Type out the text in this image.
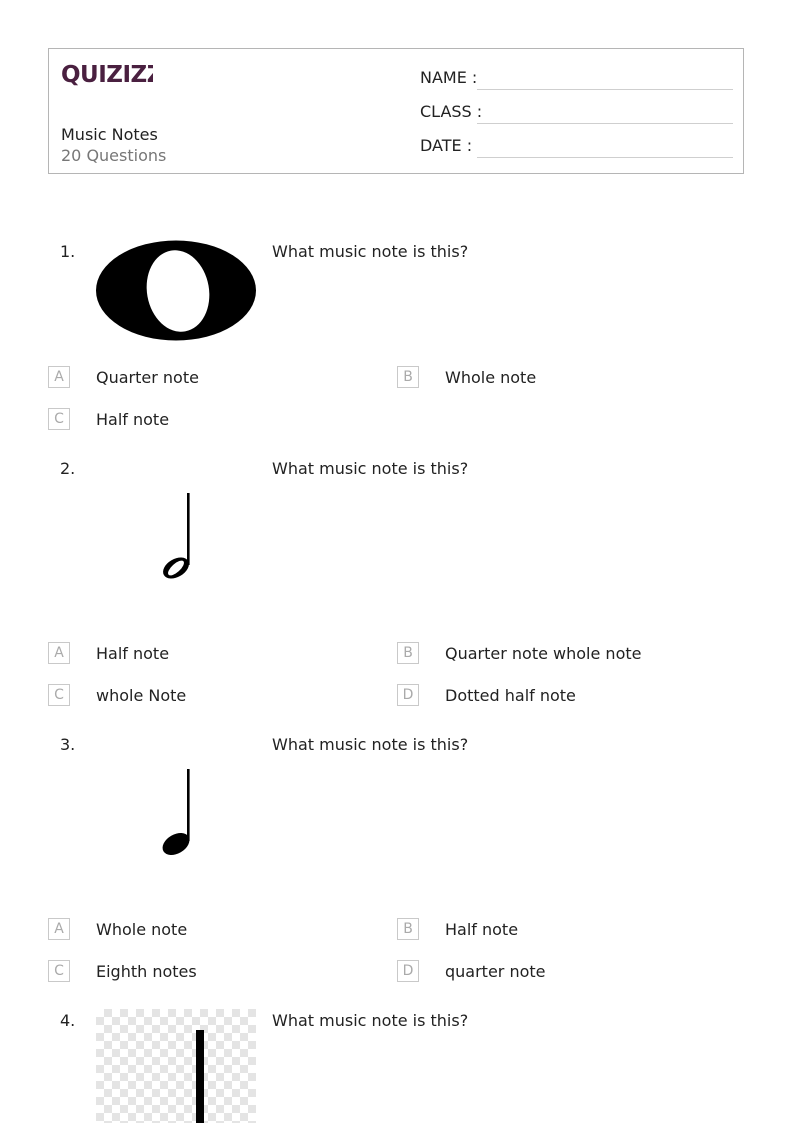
QUIZIZZ
Music Notes
20 Questions
NAME :
CLASS :
DATE :
1.	What music note is this?
A	Quarter note	B	Whole note
C	Half note
2.	What music note is this?
A	Half note	B	Quarter note whole note
C	whole Note	D	Dotted half note
3.	What music note is this?
A	Whole note	B	Half note
C	Eighth notes	D	quarter note
4.	What music note is this?
